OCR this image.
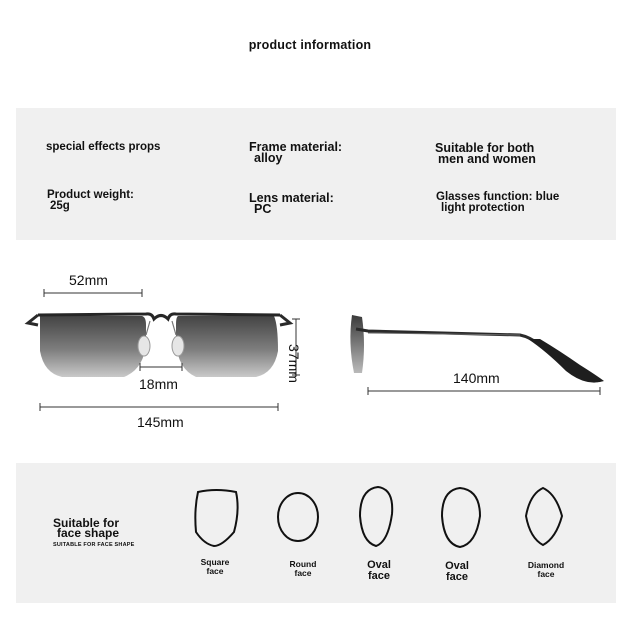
product information
special effects props	Frame material:
alloy
Suitable for both
men and women
Product weight:
25g
Lens material:
PC
Glasses function: blue
light protection
52mm
37mm
18mm
145mm
140mm
Suitable for
face shape
SUITABLE FOR FACE SHAPE
Square
face
Round
face
Oval
face
Oval
face
Diamond
face
